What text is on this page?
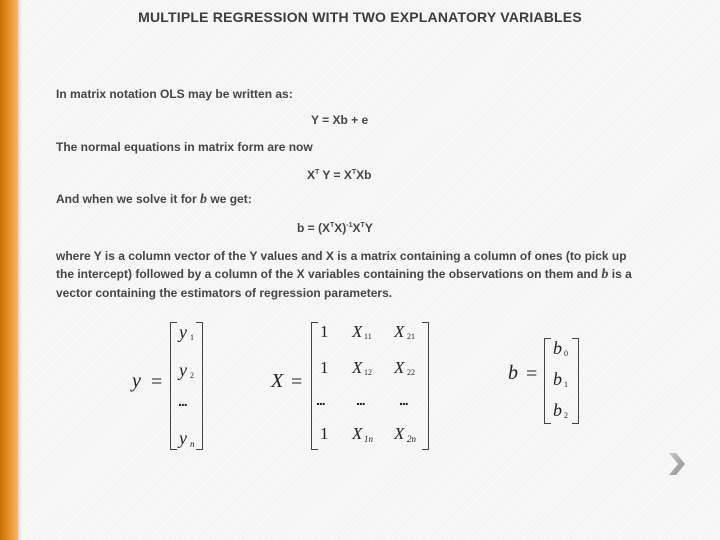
MULTIPLE REGRESSION WITH TWO EXPLANATORY VARIABLES
In matrix notation OLS may be written as:
Y = Xb + e
The normal equations in matrix form are now
$X^T$ $Y = X^TXb$
And when we solve it for b we get:
$b = (X^TX)^{-1}X^TY$
where Y is a column vector of the Y values and X is a matrix containing a column of ones (to pick up the intercept) followed by a column of the X variables containing the observations on them and b is a vector containing the estimators of regression parameters.
y =
y 1
y 2
...
y n
X =
1 X 11 X 21
1 X 12 X 22
... ... ...
1 X 1n X 2n
b =
b 0
b 1
b 2
